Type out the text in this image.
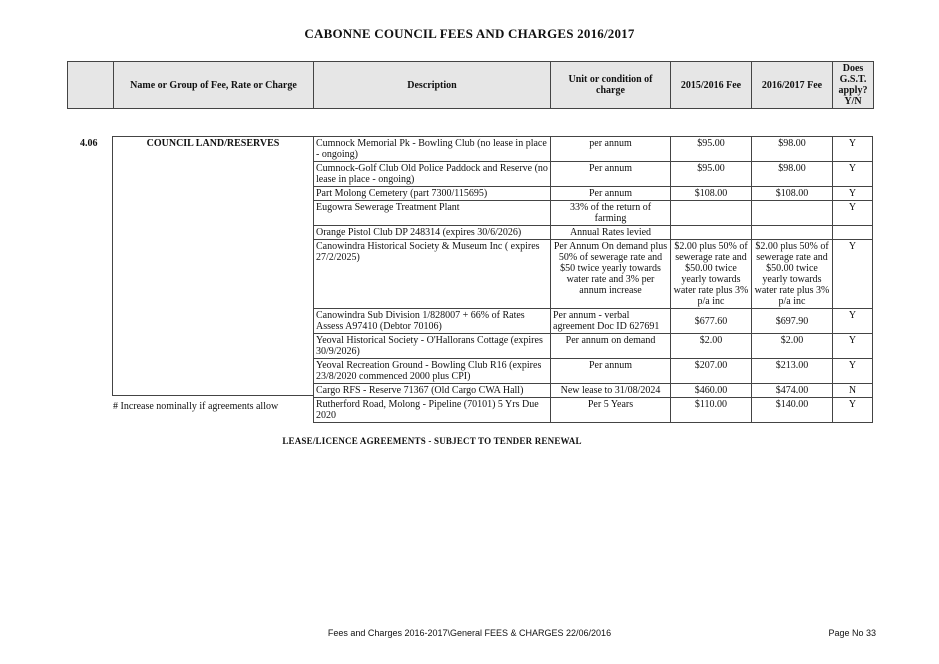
CABONNE COUNCIL FEES AND CHARGES 2016/2017
	Name or Group of Fee, Rate or Charge	Description	Unit or condition of charge	2015/2016 Fee	2016/2017 Fee	Does G.S.T. apply? Y/N
4.06	COUNCIL LAND/RESERVES	Cumnock Memorial Pk - Bowling Club (no lease in place - ongoing)	per annum	$95.00	$98.00	Y
Cumnock-Golf Club Old Police Paddock and Reserve (no lease in place - ongoing)	Per annum	$95.00	$98.00	Y
Part Molong Cemetery (part 7300/115695)	Per annum	$108.00	$108.00	Y
Eugowra Sewerage Treatment Plant	33% of the return of farming			Y
Orange Pistol Club DP 248314 (expires 30/6/2026)	Annual Rates levied			
Canowindra Historical Society & Museum Inc ( expires 27/2/2025)	Per Annum On demand plus 50% of sewerage rate and $50 twice yearly towards water rate and 3% per annum increase	$2.00 plus 50% of sewerage rate and $50.00 twice yearly towards water rate plus 3% p/a inc	$2.00 plus 50% of sewerage rate and $50.00 twice yearly towards water rate plus 3% p/a inc	Y
Canowindra Sub Division 1/828007 + 66% of Rates Assess A97410 (Debtor 70106)	Per annum - verbal agreement Doc ID 627691	$677.60	$697.90	Y
Yeoval Historical Society - O'Hallorans Cottage (expires 30/9/2026)	Per annum on demand	$2.00	$2.00	Y
Yeoval Recreation Ground - Bowling Club R16 (expires 23/8/2020 commenced 2000 plus CPI)	Per annum	$207.00	$213.00	Y
Cargo RFS - Reserve 71367 (Old Cargo CWA Hall)	New lease to 31/08/2024	$460.00	$474.00	N
Rutherford Road, Molong - Pipeline (70101) 5 Yrs Due 2020	Per 5 Years	$110.00	$140.00	Y
# Increase nominally if agreements allow
LEASE/LICENCE AGREEMENTS - SUBJECT TO TENDER RENEWAL
Fees and Charges 2016-2017\General FEES & CHARGES 22/06/2016	Page No 33
